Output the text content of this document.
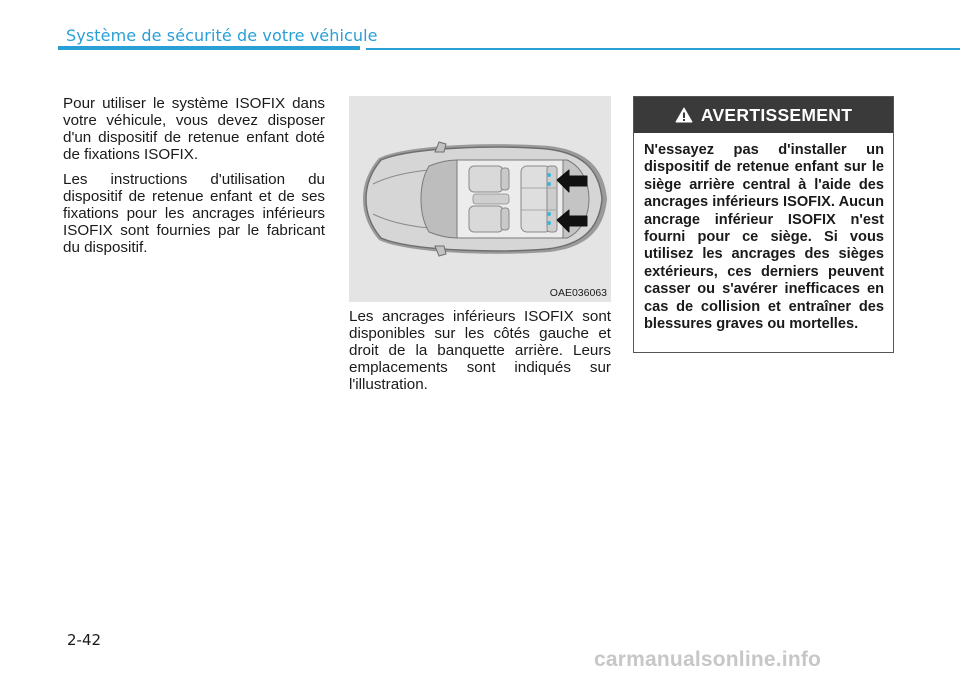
Système de sécurité de votre véhicule

Pour utiliser le système ISOFIX dans votre véhicule, vous devez disposer d'un dispositif de retenue enfant doté de fixations ISOFIX.

Les instructions d'utilisation du dispositif de retenue enfant et de ses fixations pour les ancrages inférieurs ISOFIX sont fournies par le fabricant du dispositif.

OAE036063

Les ancrages inférieurs ISOFIX sont disponibles sur les côtés gauche et droit de la banquette arrière. Leurs emplacements sont indiqués sur l'illustration.

AVERTISSEMENT
N'essayez pas d'installer un dispositif de retenue enfant sur le siège arrière central à l'aide des ancrages inférieurs ISOFIX. Aucun ancrage inférieur ISOFIX n'est fourni pour ce siège. Si vous utilisez les ancrages des sièges extérieurs, ces derniers peuvent casser ou s'avérer inefficaces en cas de collision et entraîner des blessures graves ou mortelles.
2-42
carmanualsonline.info
